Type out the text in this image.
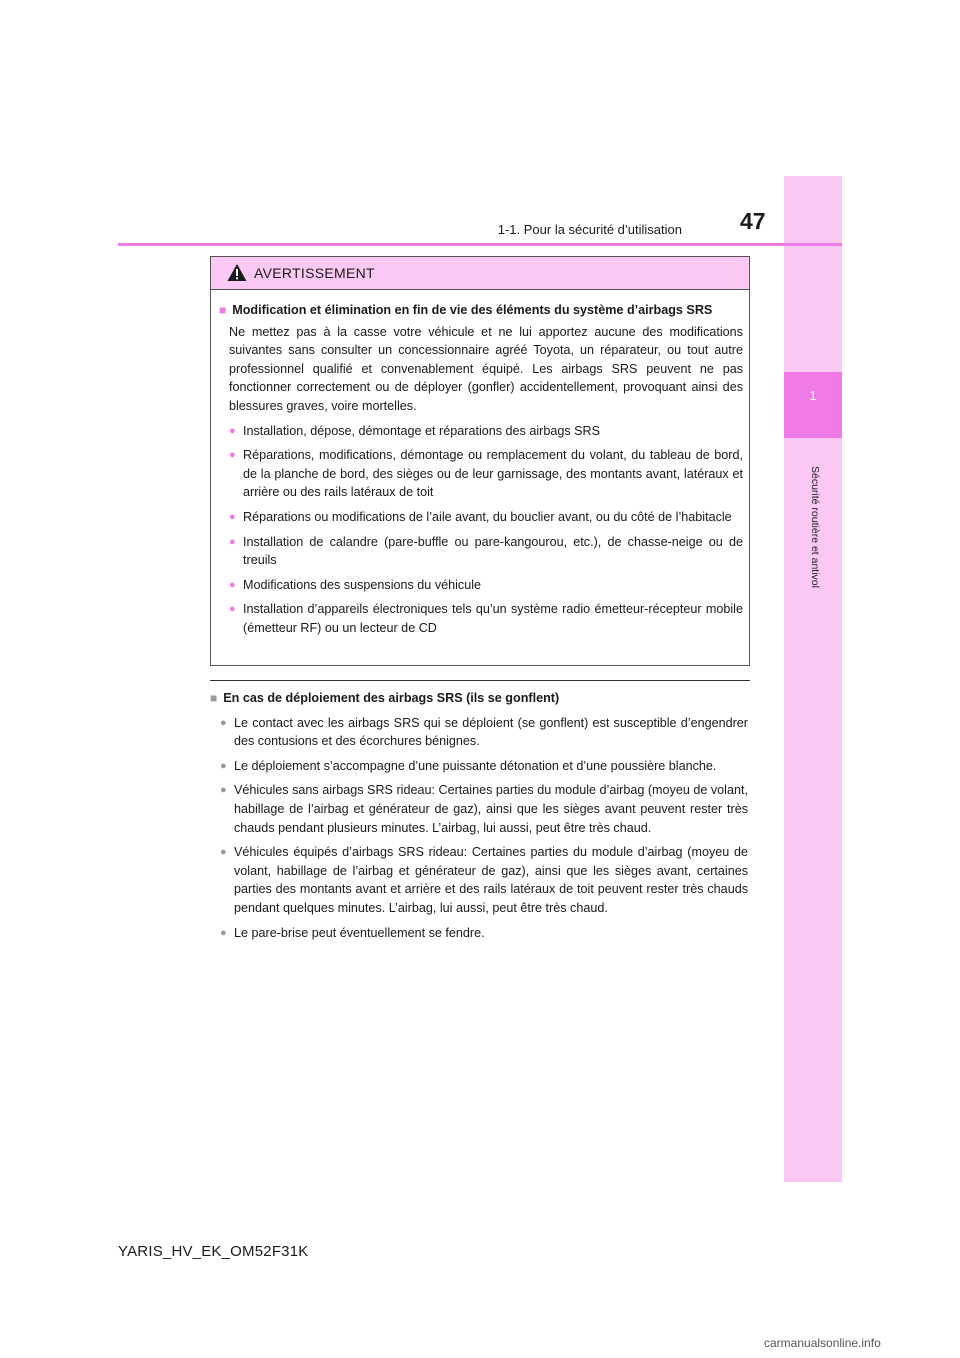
1
Sécurité routière et antivol
1-1. Pour la sécurité d’utilisation	47
AVERTISSEMENT
■ Modification et élimination en fin de vie des éléments du système d’airbags SRS
Ne mettez pas à la casse votre véhicule et ne lui apportez aucune des modifications suivantes sans consulter un concessionnaire agréé Toyota, un réparateur, ou tout autre professionnel qualifié et convenablement équipé. Les airbags SRS peuvent ne pas fonctionner correctement ou de déployer (gonfler) accidentellement, provoquant ainsi des blessures graves, voire mortelles.
● Installation, dépose, démontage et réparations des airbags SRS
● Réparations, modifications, démontage ou remplacement du volant, du tableau de bord, de la planche de bord, des sièges ou de leur garnissage, des montants avant, latéraux et arrière ou des rails latéraux de toit
● Réparations ou modifications de l’aile avant, du bouclier avant, ou du côté de l’habitacle
● Installation de calandre (pare-buffle ou pare-kangourou, etc.), de chasse-neige ou de treuils
● Modifications des suspensions du véhicule
● Installation d’appareils électroniques tels qu’un système radio émetteur-récepteur mobile (émetteur RF) ou un lecteur de CD
■ En cas de déploiement des airbags SRS (ils se gonflent)
● Le contact avec les airbags SRS qui se déploient (se gonflent) est susceptible d’engendrer des contusions et des écorchures bénignes.
● Le déploiement s’accompagne d’une puissante détonation et d’une poussière blanche.
● Véhicules sans airbags SRS rideau: Certaines parties du module d’airbag (moyeu de volant, habillage de l’airbag et générateur de gaz), ainsi que les sièges avant peuvent rester très chauds pendant plusieurs minutes. L’airbag, lui aussi, peut être très chaud.
● Véhicules équipés d’airbags SRS rideau: Certaines parties du module d’airbag (moyeu de volant, habillage de l’airbag et générateur de gaz), ainsi que les sièges avant, certaines parties des montants avant et arrière et des rails latéraux de toit peuvent rester très chauds pendant quelques minutes. L’airbag, lui aussi, peut être très chaud.
● Le pare-brise peut éventuellement se fendre.
YARIS_HV_EK_OM52F31K
carmanualsonline.info
